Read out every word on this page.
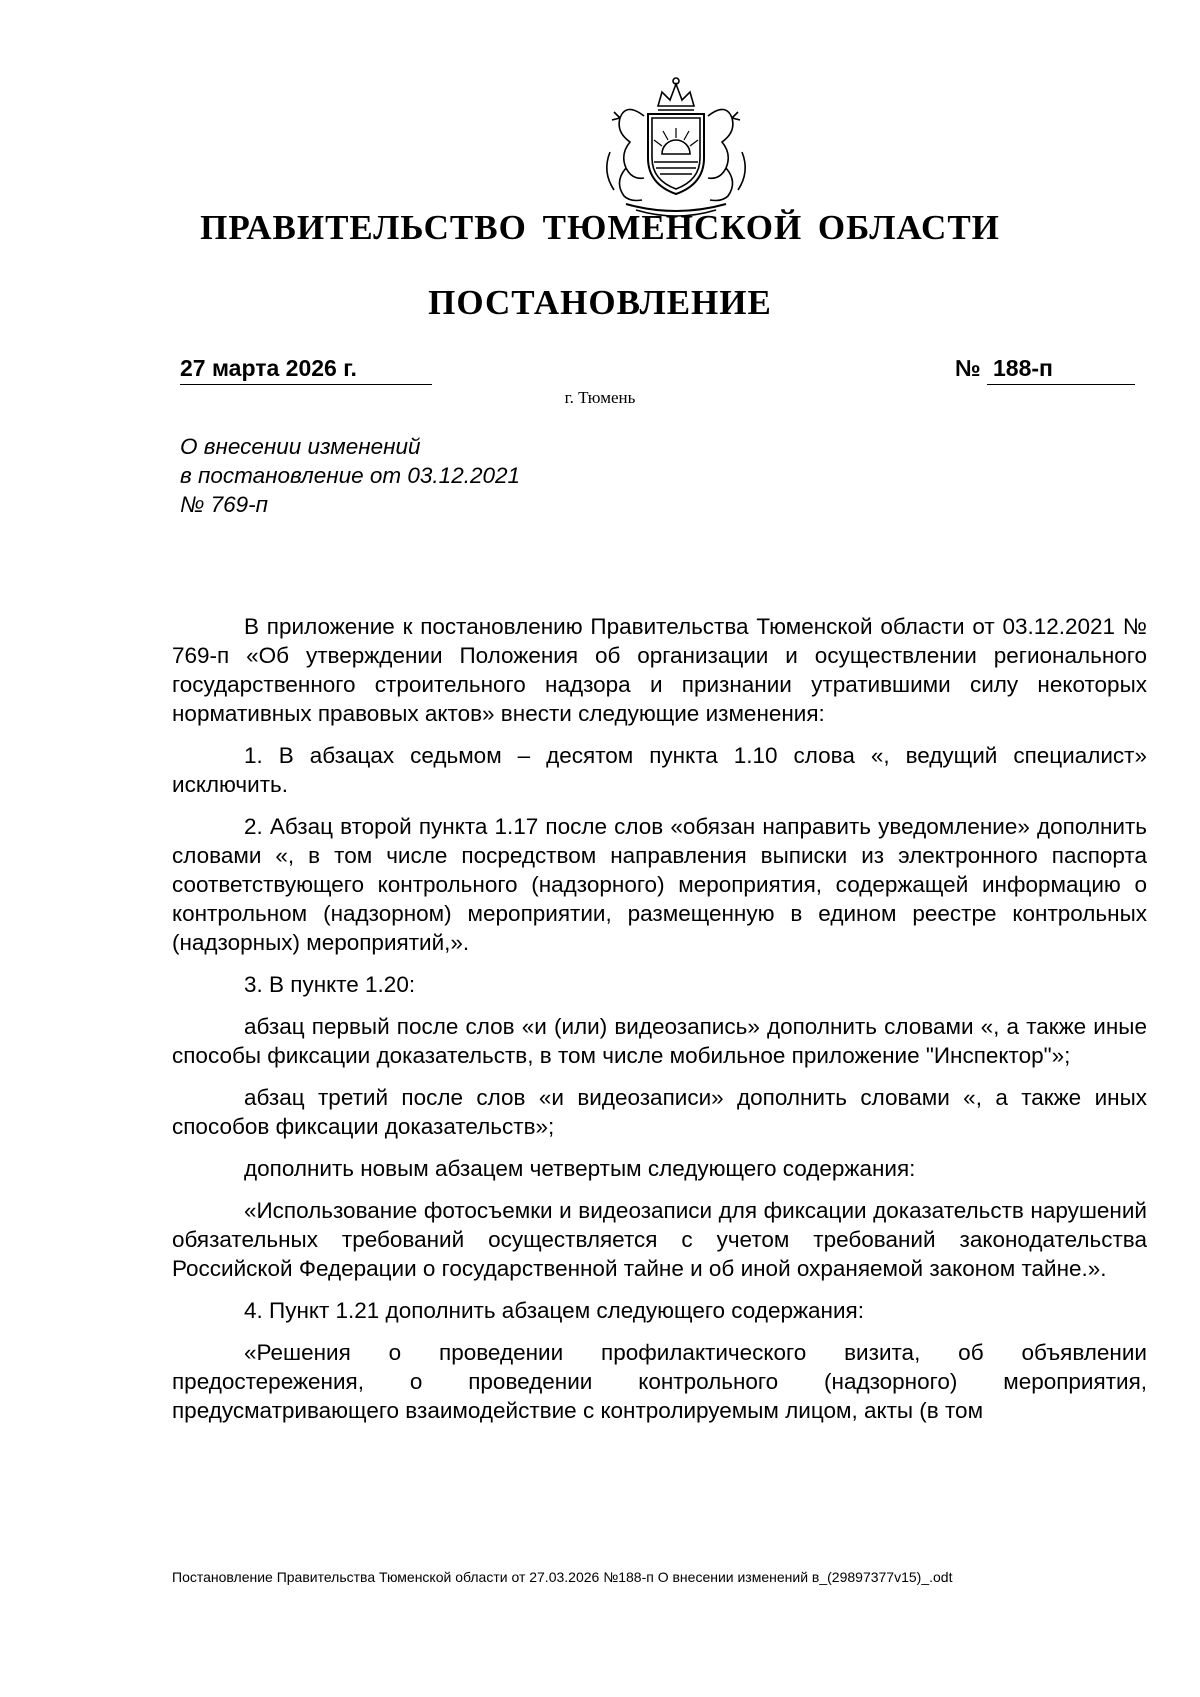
ПРАВИТЕЛЬСТВО ТЮМЕНСКОЙ ОБЛАСТИ
ПОСТАНОВЛЕНИЕ
27 марта 2026 г.	№ 188-п
г. Тюмень
О внесении изменений
в постановление от 03.12.2021
№ 769-п

В приложение к постановлению Правительства Тюменской области от 03.12.2021 № 769-п «Об утверждении Положения об организации и осуществлении регионального государственного строительного надзора и признании утратившими силу некоторых нормативных правовых актов» внести следующие изменения:

1. В абзацах седьмом – десятом пункта 1.10 слова «, ведущий специалист» исключить.

2. Абзац второй пункта 1.17 после слов «обязан направить уведомление» дополнить словами «, в том числе посредством направления выписки из электронного паспорта соответствующего контрольного (надзорного) мероприятия, содержащей информацию о контрольном (надзорном) мероприятии, размещенную в едином реестре контрольных (надзорных) мероприятий,».

3. В пункте 1.20:

абзац первый после слов «и (или) видеозапись» дополнить словами «, а также иные способы фиксации доказательств, в том числе мобильное приложение "Инспектор"»;

абзац третий после слов «и видеозаписи» дополнить словами «, а также иных способов фиксации доказательств»;

дополнить новым абзацем четвертым следующего содержания:

«Использование фотосъемки и видеозаписи для фиксации доказательств нарушений обязательных требований осуществляется с учетом требований законодательства Российской Федерации о государственной тайне и об иной охраняемой законом тайне.».

4. Пункт 1.21 дополнить абзацем следующего содержания:

«Решения о проведении профилактического визита, об объявлении предостережения, о проведении контрольного (надзорного) мероприятия, предусматривающего взаимодействие с контролируемым лицом, акты (в том

Постановление Правительства Тюменской области от 27.03.2026 №188-п О внесении изменений в_(29897377v15)_.odt
